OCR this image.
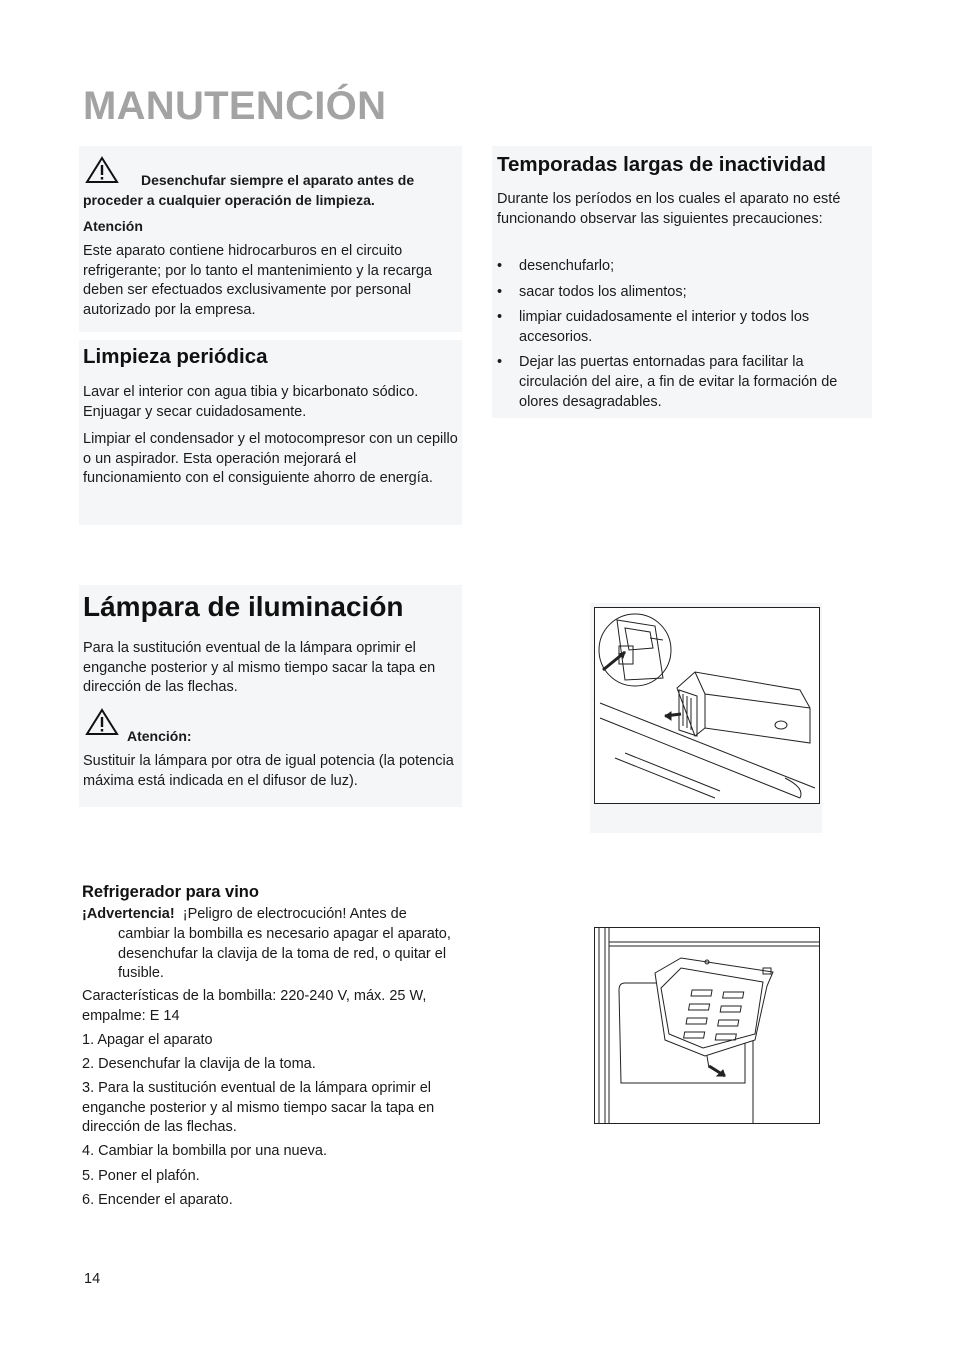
MANUTENCIÓN
Desenchufar siempre el aparato antes de proceder a cualquier operación de limpieza.
Atención

Este aparato contiene hidrocarburos en el circuito refrigerante; por lo tanto el mantenimiento y la recarga deben ser efectuados exclusivamente por personal autorizado por la empresa.

Limpieza periódica

Lavar el interior con agua tibia y bicarbonato sódico. Enjuagar y secar cuidadosamente.

Limpiar el condensador y el motocompresor con un cepillo o un aspirador. Esta operación mejorará el funcionamiento con el consiguiente ahorro de energía.

Temporadas largas de inactividad

Durante los períodos en los cuales el aparato no esté funcionando observar las siguientes precauciones:

• desenchufarlo;
• sacar todos los alimentos;
• limpiar cuidadosamente el interior y todos los accesorios.
• Dejar las puertas entornadas para facilitar la circulación del aire, a fin de evitar la formación de olores desagradables.
Lámpara de iluminación

Para la sustitución eventual de la lámpara oprimir el enganche posterior y al mismo tiempo sacar la tapa en dirección de las flechas.

Atención:

Sustituir la lámpara por otra de igual potencia (la potencia máxima está indicada en el difusor de luz).

Refrigerador para vino
¡Advertencia! ¡Peligro de electrocución! Antes de

cambiar la bombilla es necesario apagar el aparato, desenchufar la clavija de la toma de red, o quitar el fusible.

Características de la bombilla: 220-240 V, máx. 25 W, empalme: E 14

1. Apagar el aparato
2. Desenchufar la clavija de la toma.
3. Para la sustitución eventual de la lámpara oprimir el enganche posterior y al mismo tiempo sacar la tapa en dirección de las flechas.
4. Cambiar la bombilla por una nueva.
5. Poner el plafón.
6. Encender el aparato.
14
